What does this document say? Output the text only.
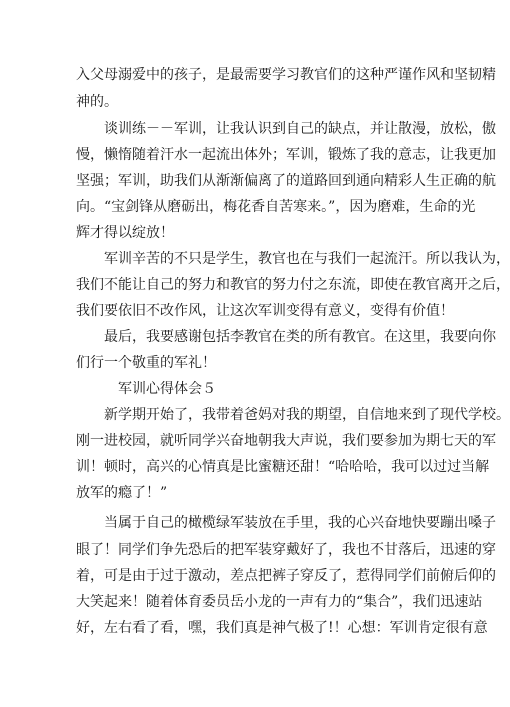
入父母溺爱中的孩子，是最需要学习教官们的这种严谨作风和坚韧精
神的。
谈训练－－军训，让我认识到自己的缺点，并让散漫，放松，傲
慢，懒惰随着汗水一起流出体外；军训，锻炼了我的意志，让我更加
坚强；军训，助我们从渐渐偏离了的道路回到通向精彩人生正确的航
向。“宝剑锋从磨砺出，梅花香自苦寒来。”，因为磨难，生命的光
辉才得以绽放！
军训辛苦的不只是学生，教官也在与我们一起流汗。所以我认为，
我们不能让自己的努力和教官的努力付之东流，即使在教官离开之后，
我们要依旧不改作风，让这次军训变得有意义，变得有价值！
最后，我要感谢包括李教官在类的所有教官。在这里，我要向你
们行一个敬重的军礼！
军训心得体会５
新学期开始了，我带着爸妈对我的期望，自信地来到了现代学校。
刚一进校园，就听同学兴奋地朝我大声说，我们要参加为期七天的军
训！顿时，高兴的心情真是比蜜糖还甜！“哈哈哈，我可以过过当解
放军的瘾了！”
当属于自己的橄榄绿军装放在手里，我的心兴奋地快要蹦出嗓子
眼了！同学们争先恐后的把军装穿戴好了，我也不甘落后，迅速的穿
着，可是由于过于激动，差点把裤子穿反了，惹得同学们前俯后仰的
大笑起来！随着体育委员岳小龙的一声有力的“集合”，我们迅速站
好，左右看了看，嘿，我们真是神气极了!！心想：军训肯定很有意
